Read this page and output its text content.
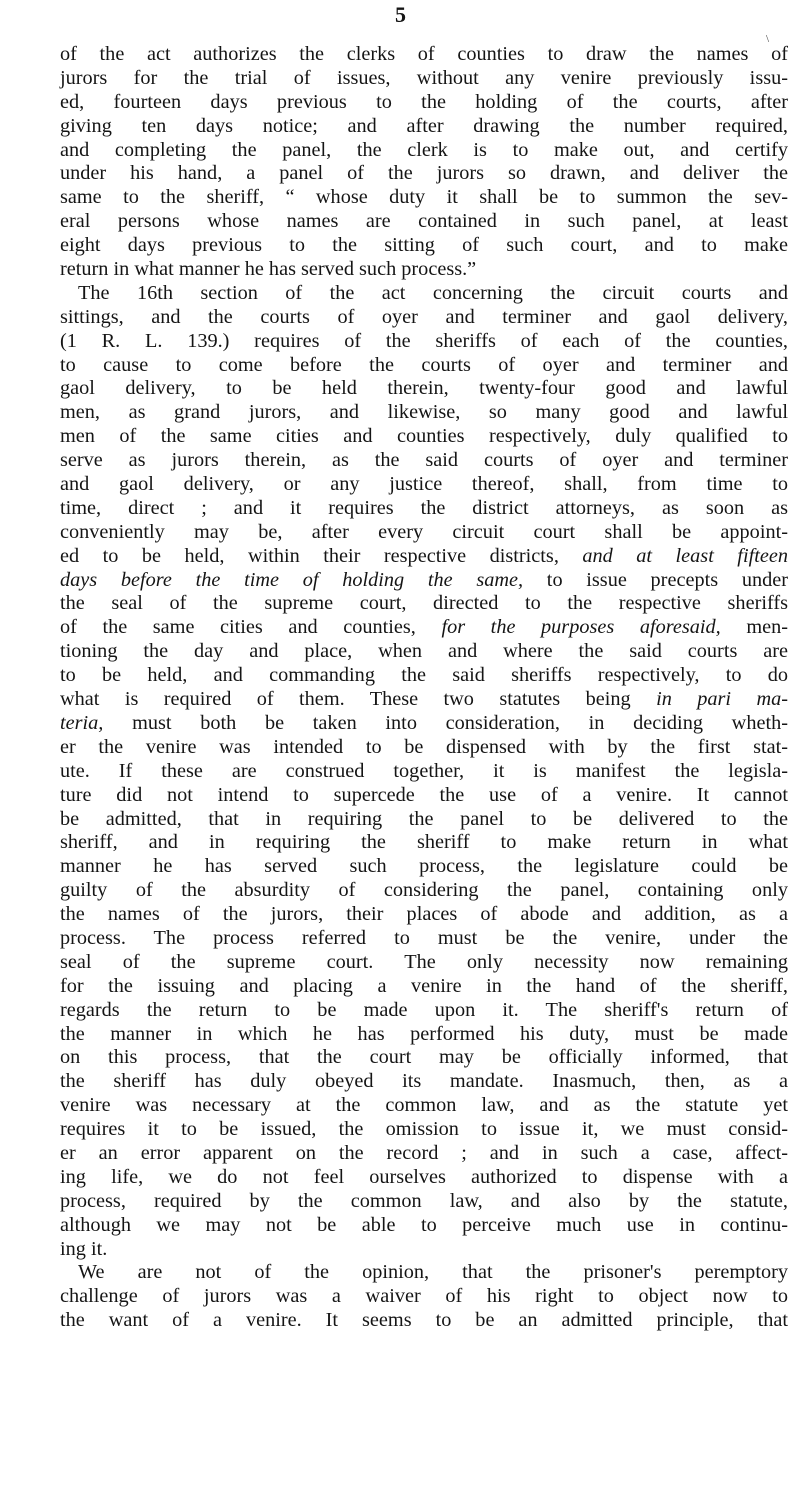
5
\
of the act authorizes the clerks of counties to draw the names of
jurors for the trial of issues, without any venire previously issu-
ed, fourteen days previous to the holding of the courts, after
giving ten days notice; and after drawing the number required,
and completing the panel, the clerk is to make out, and certify
under his hand, a panel of the jurors so drawn, and deliver the
same to the sheriff, “ whose duty it shall be to summon the sev-
eral persons whose names are contained in such panel, at least
eight days previous to the sitting of such court, and to make
return in what manner he has served such process.”
The 16th section of the act concerning the circuit courts and
sittings, and the courts of oyer and terminer and gaol delivery,
(1 R. L. 139.) requires of the sheriffs of each of the counties,
to cause to come before the courts of oyer and terminer and
gaol delivery, to be held therein, twenty-four good and lawful
men, as grand jurors, and likewise, so many good and lawful
men of the same cities and counties respectively, duly qualified to
serve as jurors therein, as the said courts of oyer and terminer
and gaol delivery, or any justice thereof, shall, from time to
time, direct ; and it requires the district attorneys, as soon as
conveniently may be, after every circuit court shall be appoint-
ed to be held, within their respective districts, and at least fifteen
days before the time of holding the same, to issue precepts under
the seal of the supreme court, directed to the respective sheriffs
of the same cities and counties, for the purposes aforesaid, men-
tioning the day and place, when and where the said courts are
to be held, and commanding the said sheriffs respectively, to do
what is required of them. These two statutes being in pari ma-
teria, must both be taken into consideration, in deciding wheth-
er the venire was intended to be dispensed with by the first stat-
ute. If these are construed together, it is manifest the legisla-
ture did not intend to supercede the use of a venire. It cannot
be admitted, that in requiring the panel to be delivered to the
sheriff, and in requiring the sheriff to make return in what
manner he has served such process, the legislature could be
guilty of the absurdity of considering the panel, containing only
the names of the jurors, their places of abode and addition, as a
process. The process referred to must be the venire, under the
seal of the supreme court. The only necessity now remaining
for the issuing and placing a venire in the hand of the sheriff,
regards the return to be made upon it. The sheriff's return of
the manner in which he has performed his duty, must be made
on this process, that the court may be officially informed, that
the sheriff has duly obeyed its mandate. Inasmuch, then, as a
venire was necessary at the common law, and as the statute yet
requires it to be issued, the omission to issue it, we must consid-
er an error apparent on the record ; and in such a case, affect-
ing life, we do not feel ourselves authorized to dispense with a
process, required by the common law, and also by the statute,
although we may not be able to perceive much use in continu-
ing it.
We are not of the opinion, that the prisoner's peremptory
challenge of jurors was a waiver of his right to object now to
the want of a venire. It seems to be an admitted principle, that
